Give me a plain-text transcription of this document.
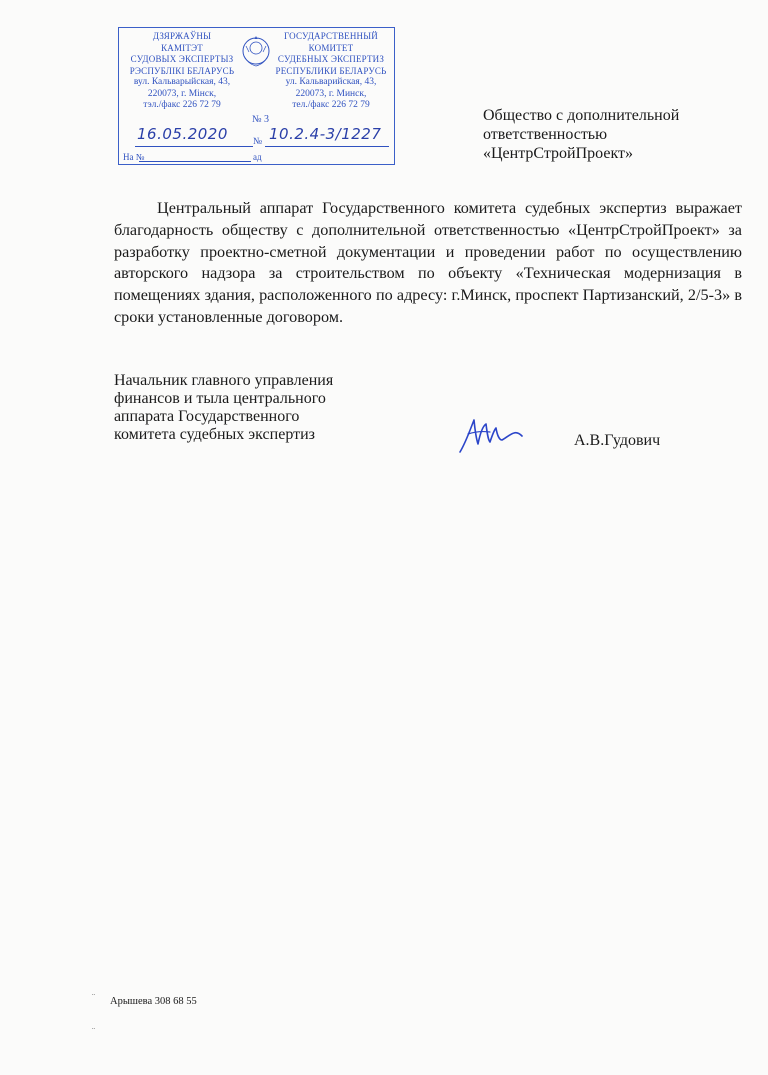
ДЗЯРЖАЎНЫ
КАМІТЭТ
СУДОВЫХ ЭКСПЕРТЫЗ
РЭСПУБЛІКІ БЕЛАРУСЬ
вул. Кальварыйская, 43,
220073, г. Мінск,
тэл./факс 226 72 79
ГОСУДАРСТВЕННЫЙ
КОМИТЕТ
СУДЕБНЫХ ЭКСПЕРТИЗ
РЕСПУБЛИКИ БЕЛАРУСЬ
ул. Кальварийская, 43,
220073, г. Минск,
тел./факс 226 72 79
№ 3
№
16.05.2020	10.2.4-3/1227
На №	ад
Общество с дополнительной
ответственностью
«ЦентрСтройПроект»
Центральный аппарат Государственного комитета судебных экспертиз выражает благодарность обществу с дополнительной ответственностью «ЦентрСтройПроект» за разработку проектно-сметной документации и проведении работ по осуществлению авторского надзора за строительством по объекту «Техническая модернизация в помещениях здания, расположенного по адресу: г.Минск, проспект Партизанский, 2/5-3» в сроки установленные договором.
Начальник главного управления
финансов и тыла центрального
аппарата Государственного
комитета судебных экспертиз	А.В.Гудович
¨ Арышева 308 68 55
¨
